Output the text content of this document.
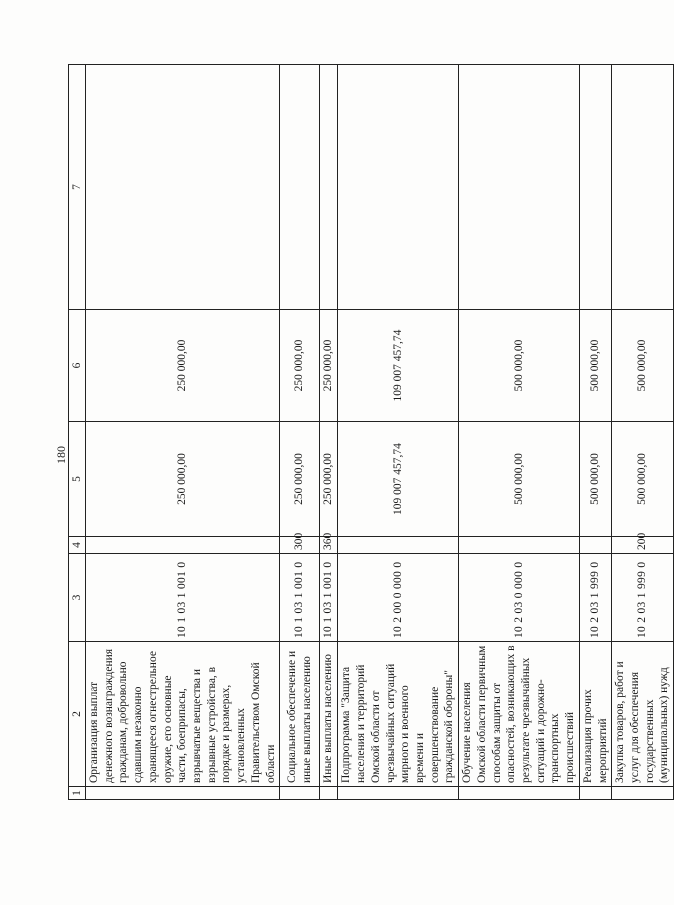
180
1	2	3	4	5	6	7
	Организация выплат денежного вознаграждения гражданам, добровольно сдавшим незаконно хранящееся огнестрельное оружие, его основные части, боеприпасы, взрывчатые вещества и взрывные устройства, в порядке и размерах, установленных Правительством Омской области	10 1 03 1 001 0		250 000,00	250 000,00	
	Социальное обеспечение и иные выплаты населению	10 1 03 1 001 0	300	250 000,00	250 000,00	
	Иные выплаты населению	10 1 03 1 001 0	360	250 000,00	250 000,00	
	Подпрограмма "Защита населения и территорий Омской области от чрезвычайных ситуаций мирного и военного времени и совершенствование гражданской обороны"	10 2 00 0 000 0		109 007 457,74	109 007 457,74	
	Обучение населения Омской области первичным способам защиты от опасностей, возникающих в результате чрезвычайных ситуаций и дорожно-транспортных происшествий	10 2 03 0 000 0		500 000,00	500 000,00	
	Реализация прочих мероприятий	10 2 03 1 999 0		500 000,00	500 000,00	
	Закупка товаров, работ и услуг для обеспечения государственных (муниципальных) нужд	10 2 03 1 999 0	200	500 000,00	500 000,00	
